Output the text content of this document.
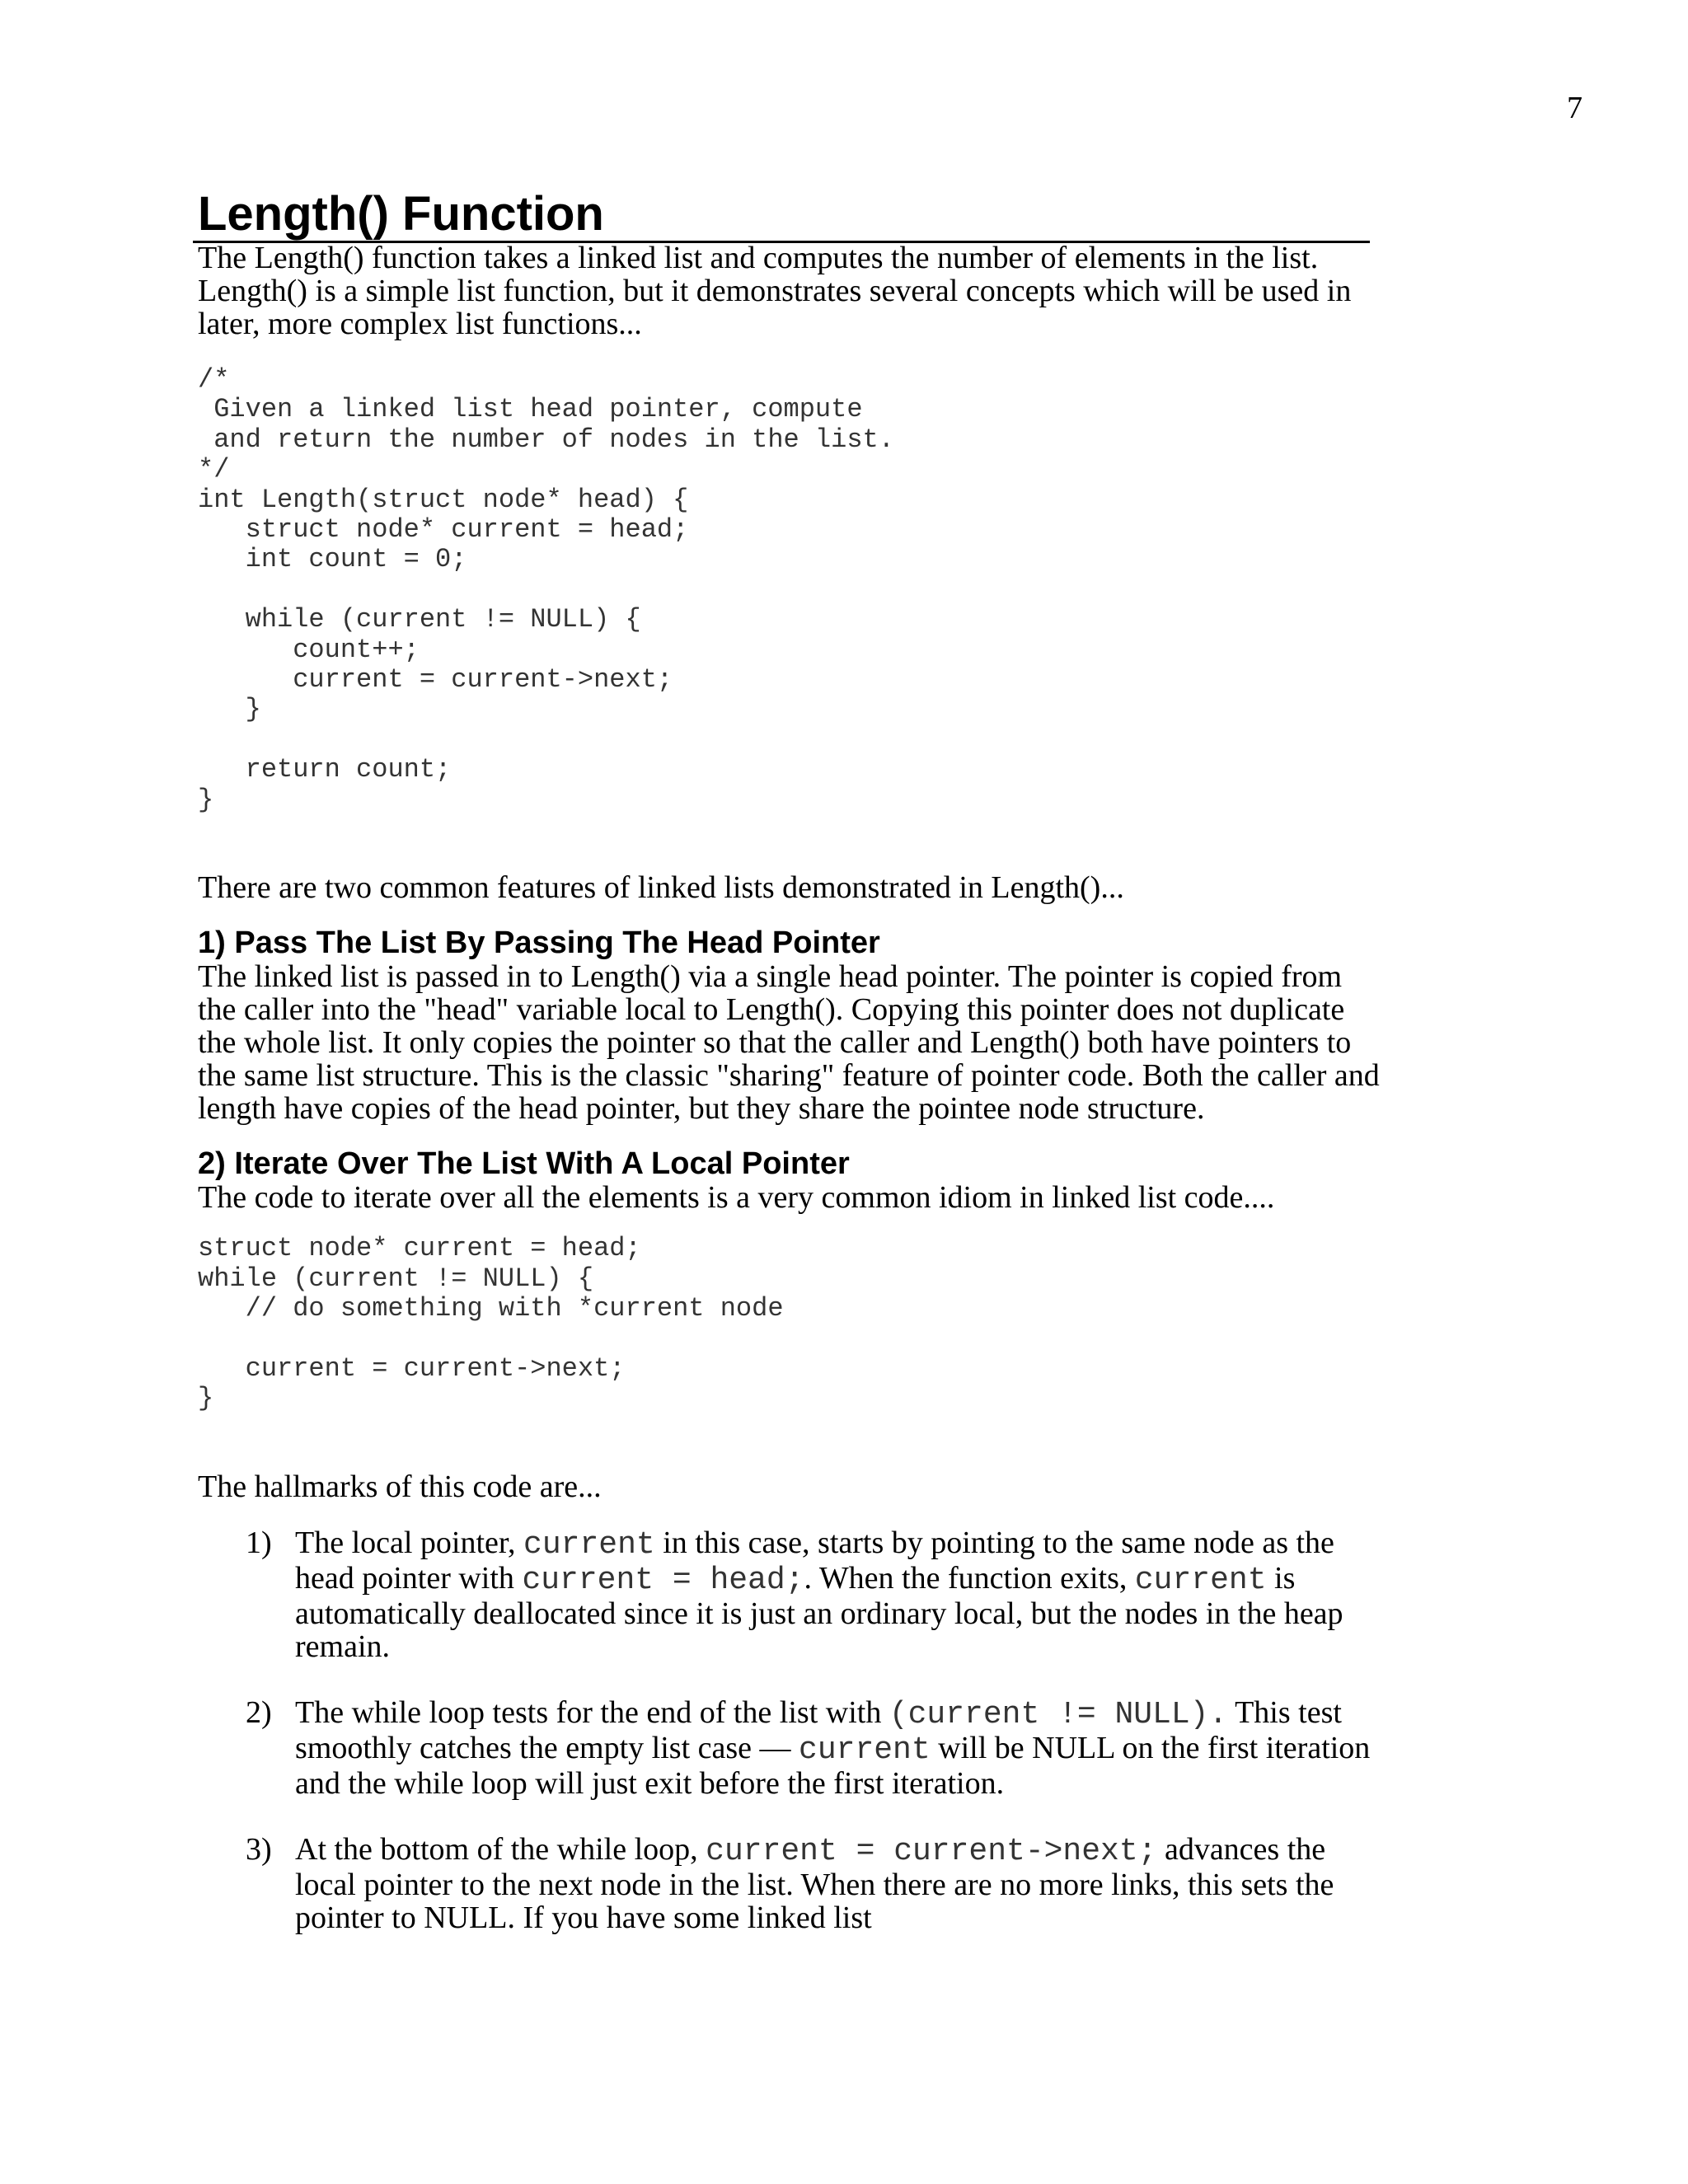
7
Length() Function

The Length() function takes a linked list and computes the number of elements in the list. Length() is a simple list function, but it demonstrates several concepts which will be used in later, more complex list functions...

/*
Given a linked list head pointer, compute
and return the number of nodes in the list.
*/
int Length(struct node* head) {
struct node* current = head;
int count = 0;

while (current != NULL) {
count++;
current = current->next;
}

return count;
}

There are two common features of linked lists demonstrated in Length()...

1) Pass The List By Passing The Head Pointer

The linked list is passed in to Length() via a single head pointer. The pointer is copied from the caller into the "head" variable local to Length(). Copying this pointer does not duplicate the whole list. It only copies the pointer so that the caller and Length() both have pointers to the same list structure. This is the classic "sharing" feature of pointer code. Both the caller and length have copies of the head pointer, but they share the pointee node structure.

2) Iterate Over The List With A Local Pointer

The code to iterate over all the elements is a very common idiom in linked list code....

struct node* current = head;
while (current != NULL) {
// do something with *current node

current = current->next;
}

The hallmarks of this code are...

1) The local pointer, current in this case, starts by pointing to the same node as the head pointer with current = head;. When the function exits, current is automatically deallocated since it is just an ordinary local, but the nodes in the heap remain.
2) The while loop tests for the end of the list with (current != NULL). This test smoothly catches the empty list case — current will be NULL on the first iteration and the while loop will just exit before the first iteration.
3) At the bottom of the while loop, current = current->next; advances the local pointer to the next node in the list. When there are no more links, this sets the pointer to NULL. If you have some linked list
